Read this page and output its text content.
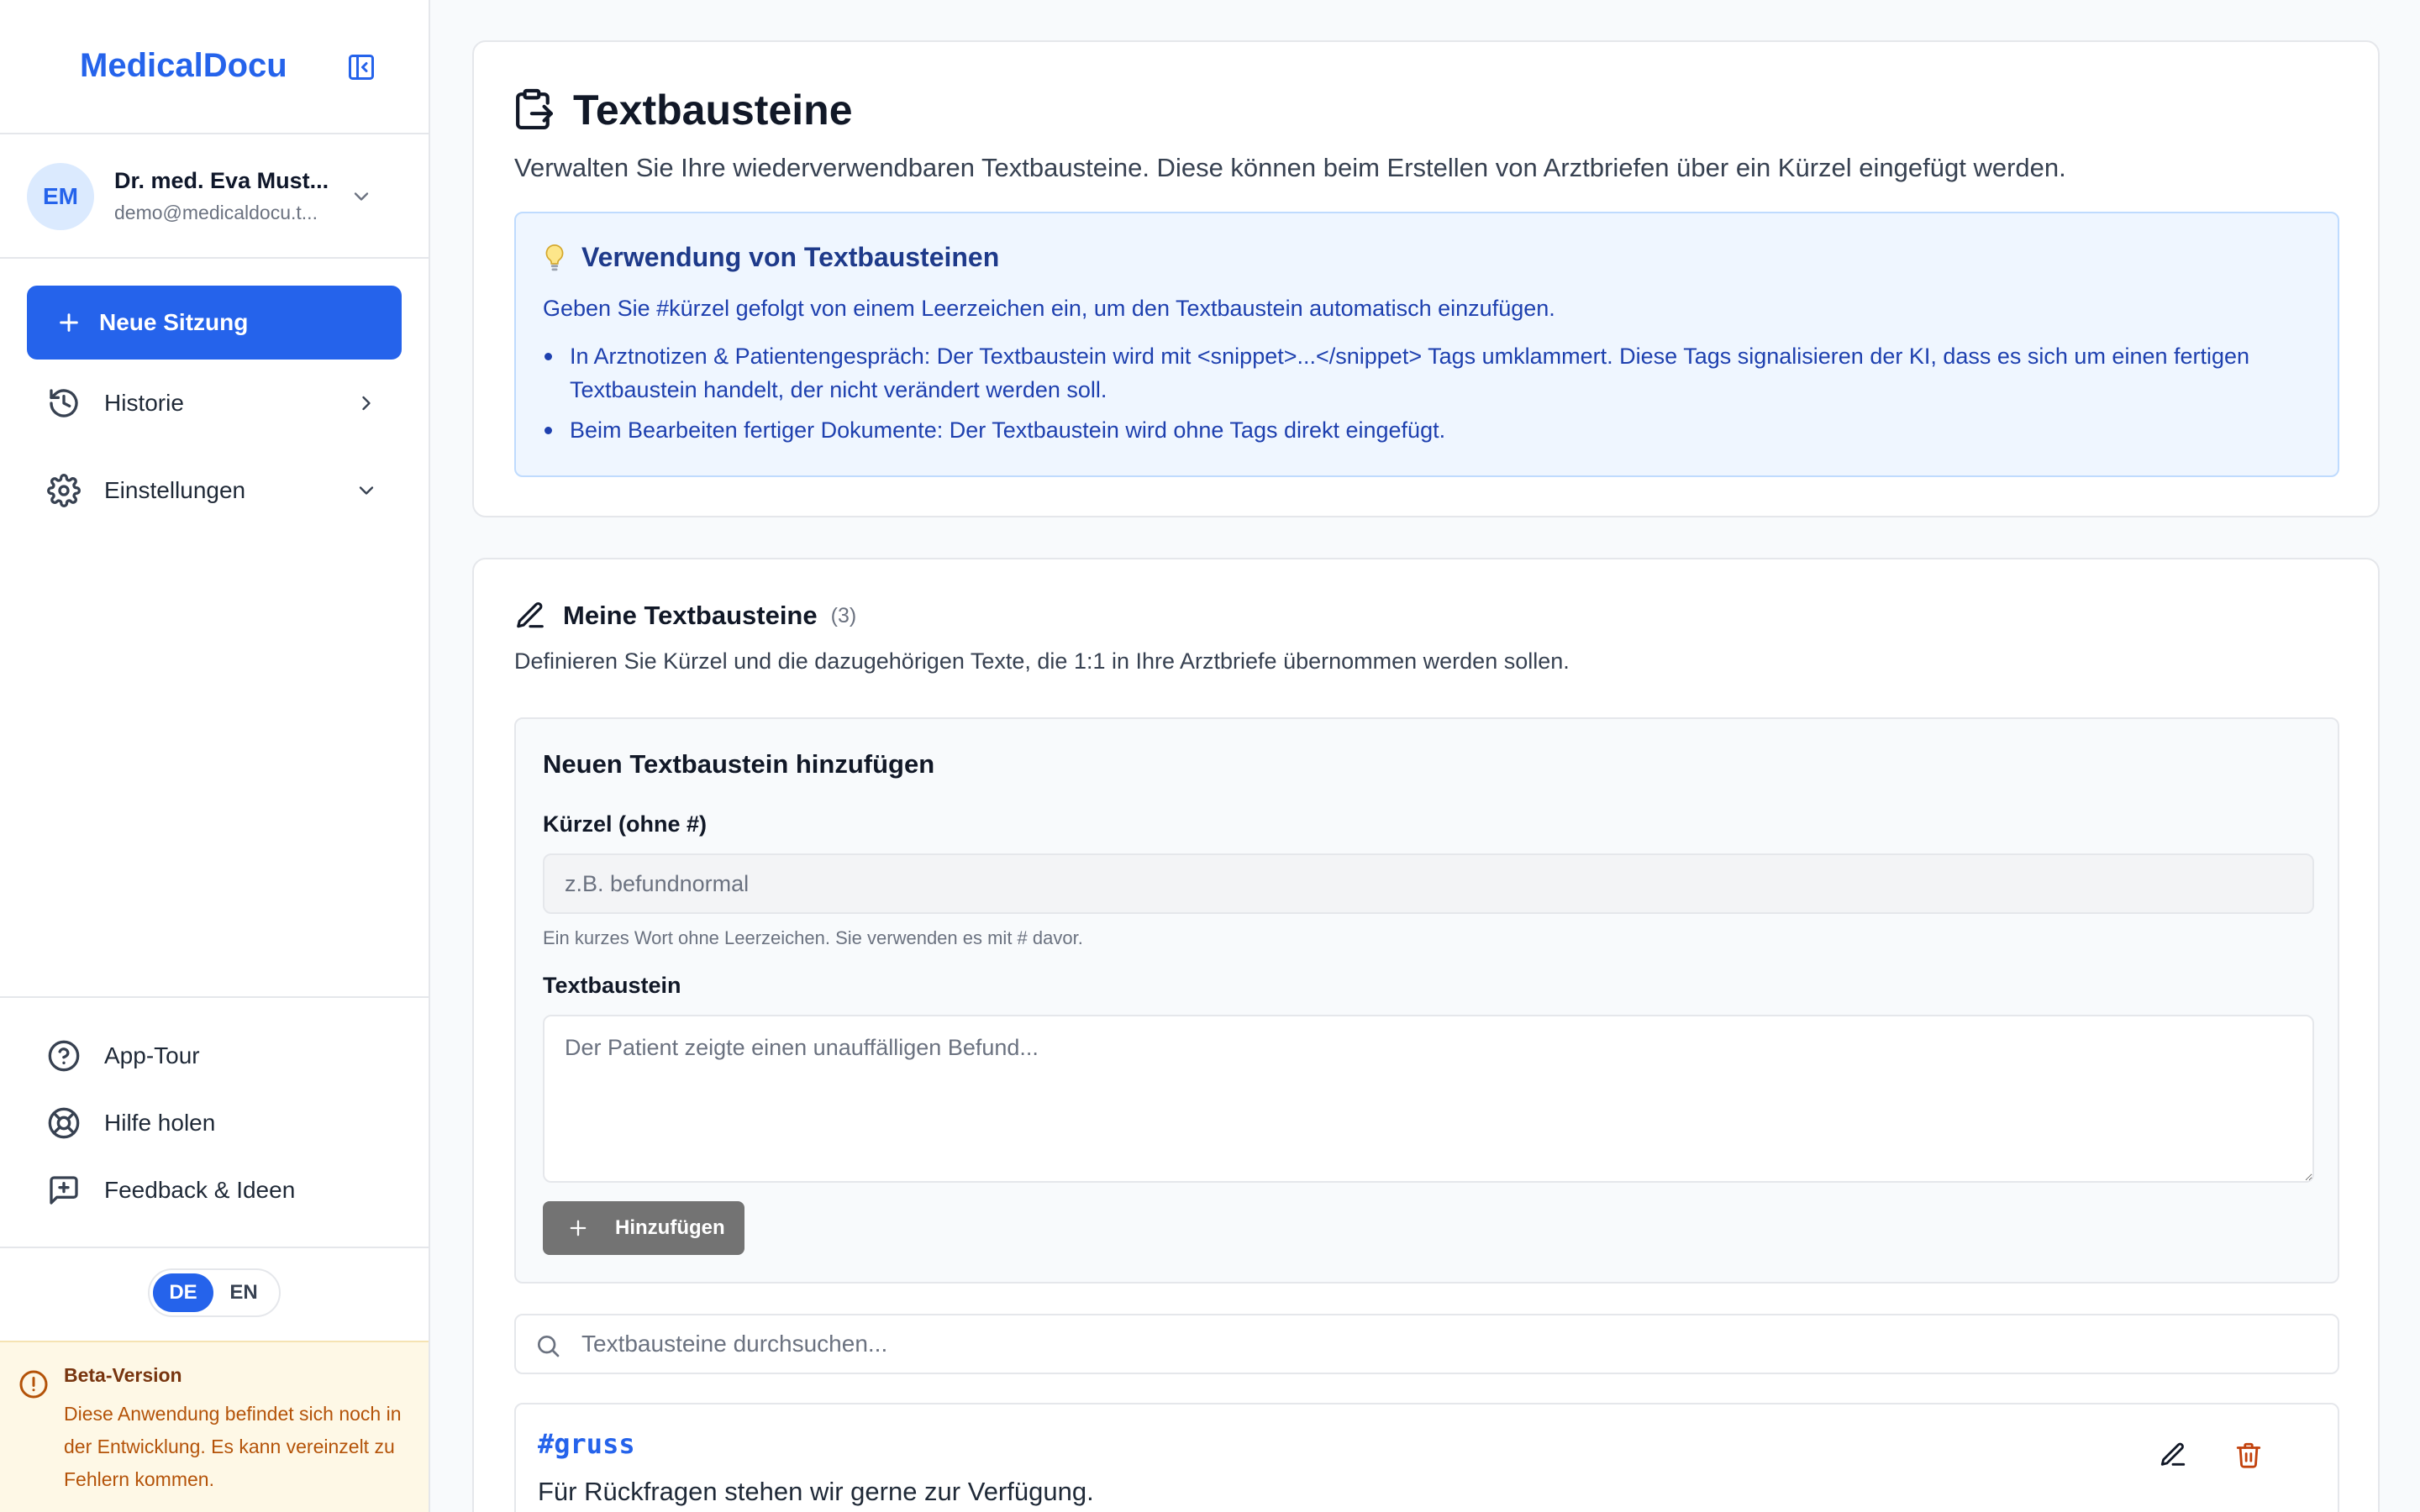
MedicalDocu
EM
Dr. med. Eva Must...
demo@medicaldocu.t...
Neue Sitzung
Historie
Einstellungen
App-Tour
Hilfe holen
Feedback & Ideen
DE	EN
Beta-Version
Diese Anwendung befindet sich noch in der Entwicklung. Es kann vereinzelt zu Fehlern kommen.
Textbausteine

Verwalten Sie Ihre wiederverwendbaren Textbausteine. Diese können beim Erstellen von Arztbriefen über ein Kürzel eingefügt werden.

Verwendung von Textbausteinen

Geben Sie #kürzel gefolgt von einem Leerzeichen ein, um den Textbaustein automatisch einzufügen.

In Arztnotizen & Patientengespräch: Der Textbaustein wird mit <snippet>...</snippet> Tags umklammert. Diese Tags signalisieren der KI, dass es sich um einen fertigen Textbaustein handelt, der nicht verändert werden soll.
Beim Bearbeiten fertiger Dokumente: Der Textbaustein wird ohne Tags direkt eingefügt.
Meine Textbausteine (3)

Definieren Sie Kürzel und die dazugehörigen Texte, die 1:1 in Ihre Arztbriefe übernommen werden sollen.

Neuen Textbaustein hinzufügen
Kürzel (ohne #)
z.B. befundnormal

Ein kurzes Wort ohne Leerzeichen. Sie verwenden es mit # davor.

Textbaustein
Der Patient zeigte einen unauffälligen Befund...
Hinzufügen
Textbausteine durchsuchen...
#gruss
Für Rückfragen stehen wir gerne zur Verfügung.
